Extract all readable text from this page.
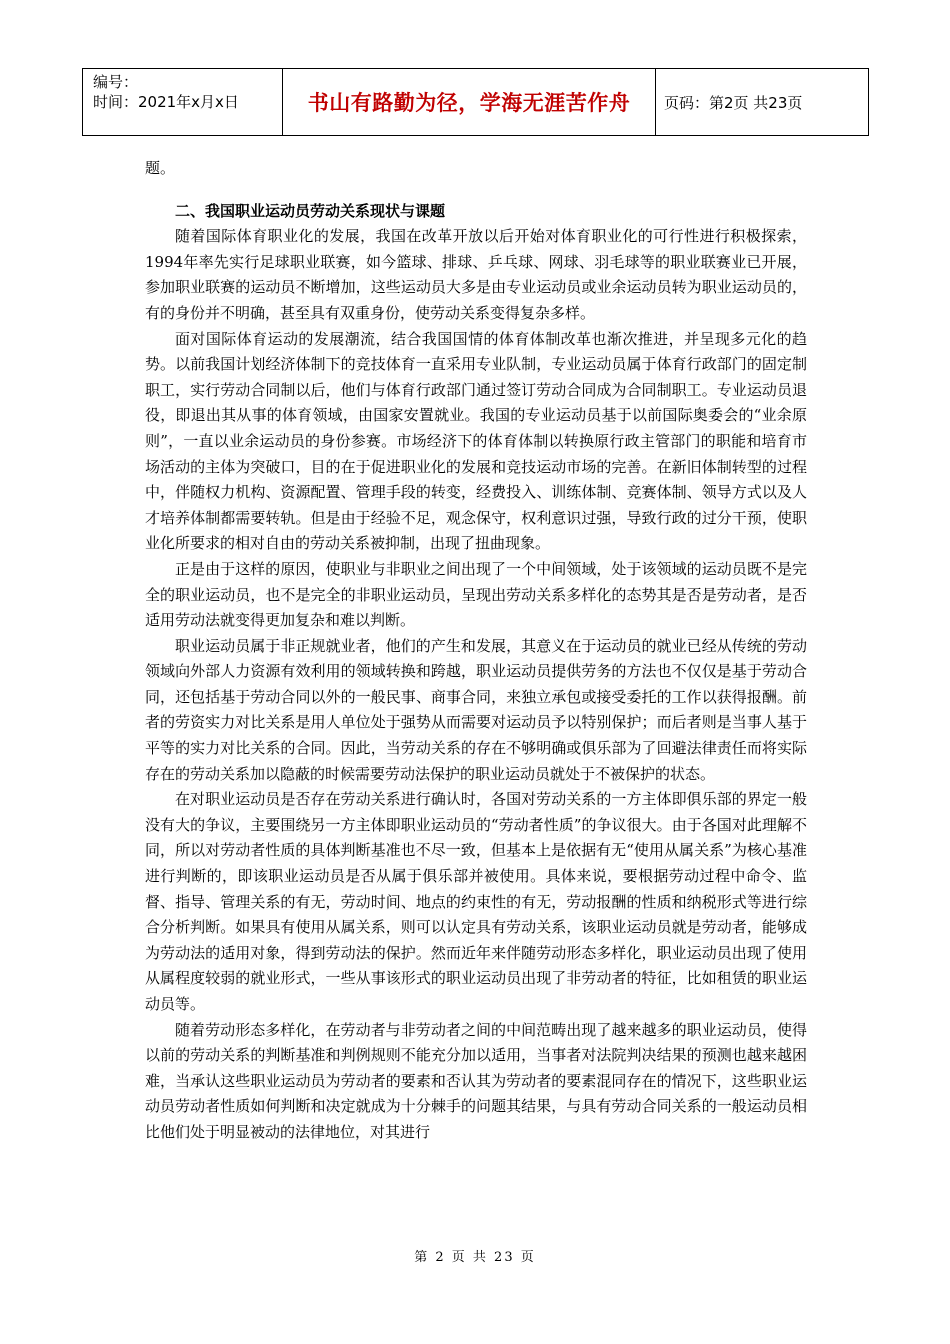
编号：
时间：2021年x月x日	书山有路勤为径，学海无涯苦作舟	页码：第2页 共23页

题。

二、我国职业运动员劳动关系现状与课题

随着国际体育职业化的发展，我国在改革开放以后开始对体育职业化的可行性进行积极探索，1994年率先实行足球职业联赛，如今篮球、排球、乒乓球、网球、羽毛球等的职业联赛业已开展，参加职业联赛的运动员不断增加，这些运动员大多是由专业运动员或业余运动员转为职业运动员的，有的身份并不明确，甚至具有双重身份，使劳动关系变得复杂多样。

面对国际体育运动的发展潮流，结合我国国情的体育体制改革也渐次推进，并呈现多元化的趋势。以前我国计划经济体制下的竞技体育一直采用专业队制，专业运动员属于体育行政部门的固定制职工，实行劳动合同制以后，他们与体育行政部门通过签订劳动合同成为合同制职工。专业运动员退役，即退出其从事的体育领域，由国家安置就业。我国的专业运动员基于以前国际奥委会的“业余原则”，一直以业余运动员的身份参赛。市场经济下的体育体制以转换原行政主管部门的职能和培育市场活动的主体为突破口，目的在于促进职业化的发展和竞技运动市场的完善。在新旧体制转型的过程中，伴随权力机构、资源配置、管理手段的转变，经费投入、训练体制、竞赛体制、领导方式以及人才培养体制都需要转轨。但是由于经验不足，观念保守，权利意识过强，导致行政的过分干预，使职业化所要求的相对自由的劳动关系被抑制，出现了扭曲现象。

正是由于这样的原因，使职业与非职业之间出现了一个中间领域，处于该领域的运动员既不是完全的职业运动员，也不是完全的非职业运动员，呈现出劳动关系多样化的态势其是否是劳动者，是否适用劳动法就变得更加复杂和难以判断。

职业运动员属于非正规就业者，他们的产生和发展，其意义在于运动员的就业已经从传统的劳动领域向外部人力资源有效利用的领域转换和跨越，职业运动员提供劳务的方法也不仅仅是基于劳动合同，还包括基于劳动合同以外的一般民事、商事合同，来独立承包或接受委托的工作以获得报酬。前者的劳资实力对比关系是用人单位处于强势从而需要对运动员予以特别保护；而后者则是当事人基于平等的实力对比关系的合同。因此，当劳动关系的存在不够明确或俱乐部为了回避法律责任而将实际存在的劳动关系加以隐蔽的时候需要劳动法保护的职业运动员就处于不被保护的状态。

在对职业运动员是否存在劳动关系进行确认时，各国对劳动关系的一方主体即俱乐部的界定一般没有大的争议，主要围绕另一方主体即职业运动员的“劳动者性质”的争议很大。由于各国对此理解不同，所以对劳动者性质的具体判断基准也不尽一致，但基本上是依据有无“使用从属关系”为核心基准进行判断的，即该职业运动员是否从属于俱乐部并被使用。具体来说，要根据劳动过程中命令、监督、指导、管理关系的有无，劳动时间、地点的约束性的有无，劳动报酬的性质和纳税形式等进行综合分析判断。如果具有使用从属关系，则可以认定具有劳动关系，该职业运动员就是劳动者，能够成为劳动法的适用对象，得到劳动法的保护。然而近年来伴随劳动形态多样化，职业运动员出现了使用从属程度较弱的就业形式，一些从事该形式的职业运动员出现了非劳动者的特征，比如租赁的职业运动员等。

随着劳动形态多样化，在劳动者与非劳动者之间的中间范畴出现了越来越多的职业运动员，使得以前的劳动关系的判断基准和判例规则不能充分加以适用，当事者对法院判决结果的预测也越来越困难，当承认这些职业运动员为劳动者的要素和否认其为劳动者的要素混同存在的情况下，这些职业运动员劳动者性质如何判断和决定就成为十分棘手的问题其结果，与具有劳动合同关系的一般运动员相比他们处于明显被动的法律地位，对其进行

第 2 页 共 23 页
